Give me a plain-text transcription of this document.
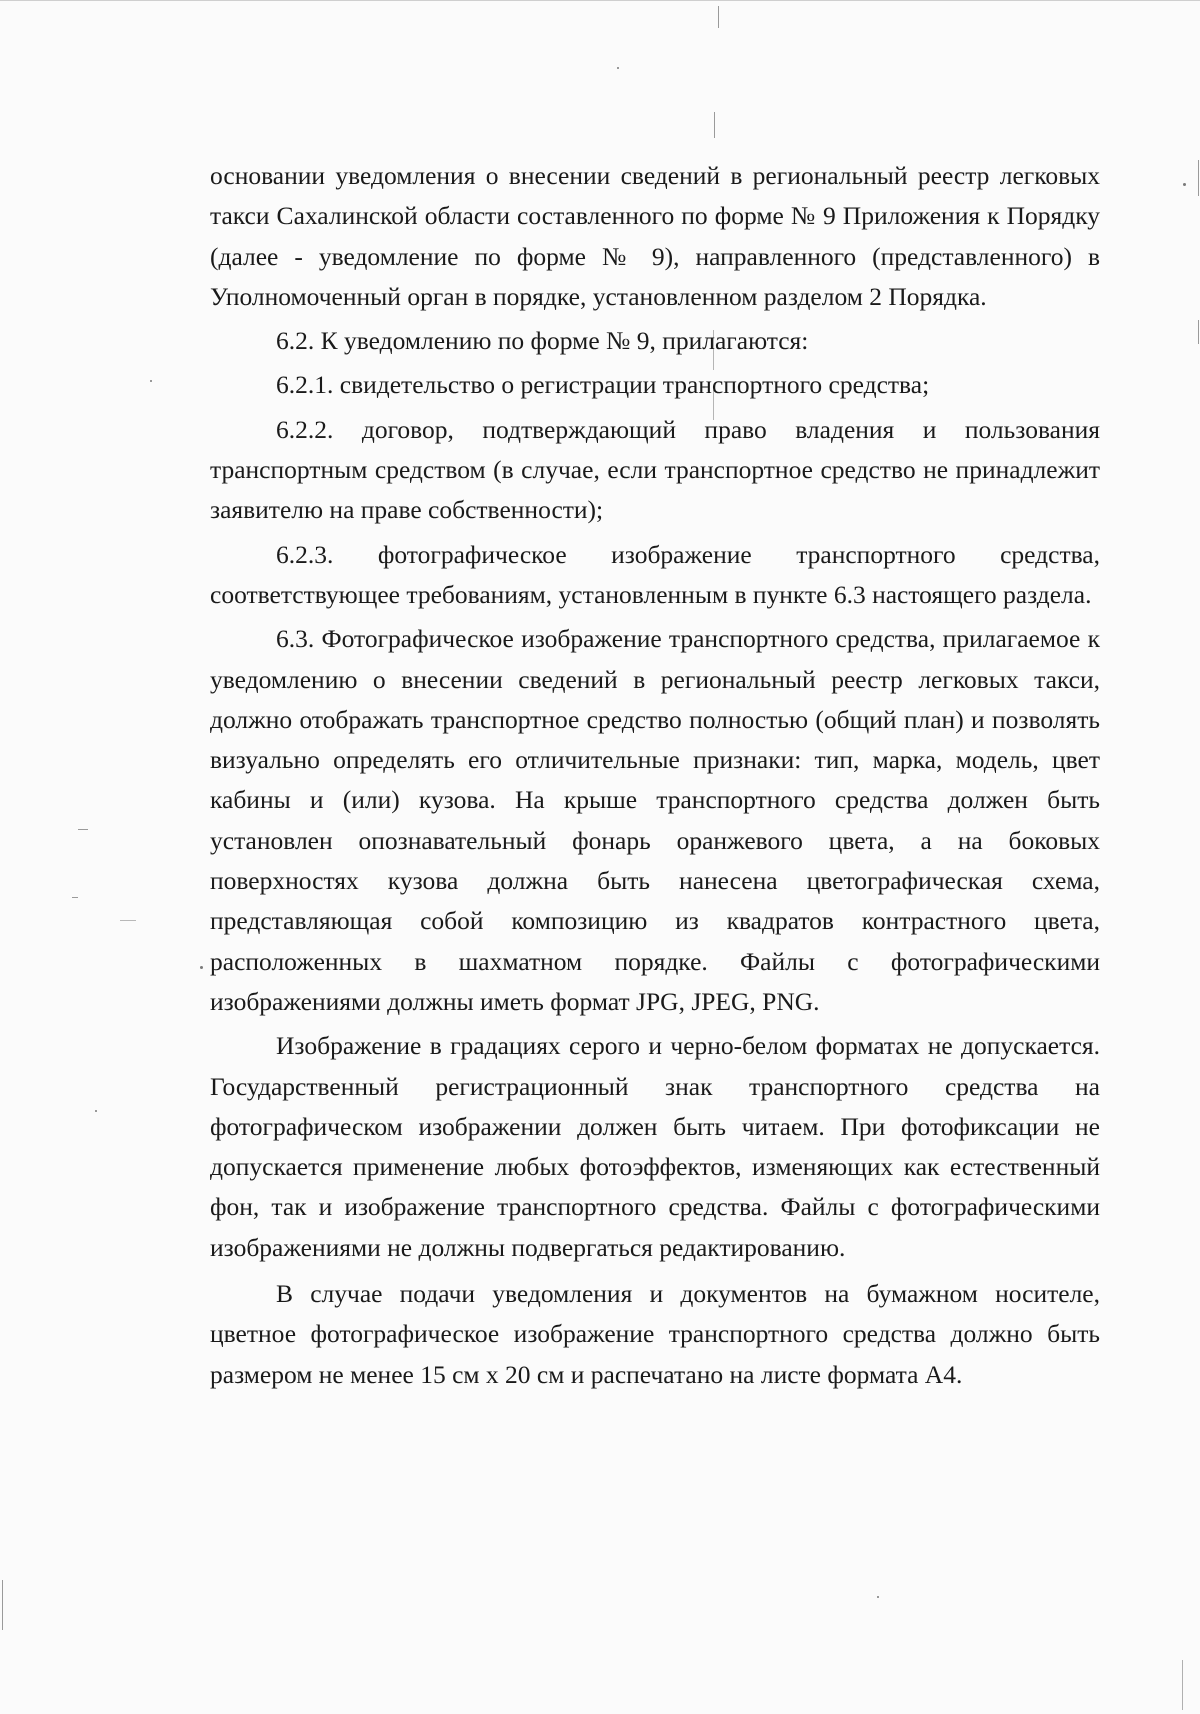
основании уведомления о внесении сведений в региональный реестр легковых такси Сахалинской области составленного по форме № 9 Приложения к Порядку (далее - уведомление по форме № 9), направленного (представленного) в Уполномоченный орган в порядке, установленном разделом 2 Порядка.

6.2. К уведомлению по форме № 9, прилагаются:

6.2.1. свидетельство о регистрации транспортного средства;

6.2.2. договор, подтверждающий право владения и пользования транспортным средством (в случае, если транспортное средство не принадлежит заявителю на праве собственности);

6.2.3. фотографическое изображение транспортного средства, соответствующее требованиям, установленным в пункте 6.3 настоящего раздела.

6.3. Фотографическое изображение транспортного средства, прилагаемое к уведомлению о внесении сведений в региональный реестр легковых такси, должно отображать транспортное средство полностью (общий план) и позволять визуально определять его отличительные признаки: тип, марка, модель, цвет кабины и (или) кузова. На крыше транспортного средства должен быть установлен опознавательный фонарь оранжевого цвета, а на боковых поверхностях кузова должна быть нанесена цветографическая схема, представляющая собой композицию из квадратов контрастного цвета, расположенных в шахматном порядке. Файлы с фотографическими изображениями должны иметь формат JPG, JPEG, PNG.

Изображение в градациях серого и черно-белом форматах не допускается. Государственный регистрационный знак транспортного средства на фотографическом изображении должен быть читаем. При фотофиксации не допускается применение любых фотоэффектов, изменяющих как естественный фон, так и изображение транспортного средства. Файлы с фотографическими изображениями не должны подвергаться редактированию.

В случае подачи уведомления и документов на бумажном носителе, цветное фотографическое изображение транспортного средства должно быть размером не менее 15 см x 20 см и распечатано на листе формата А4.
